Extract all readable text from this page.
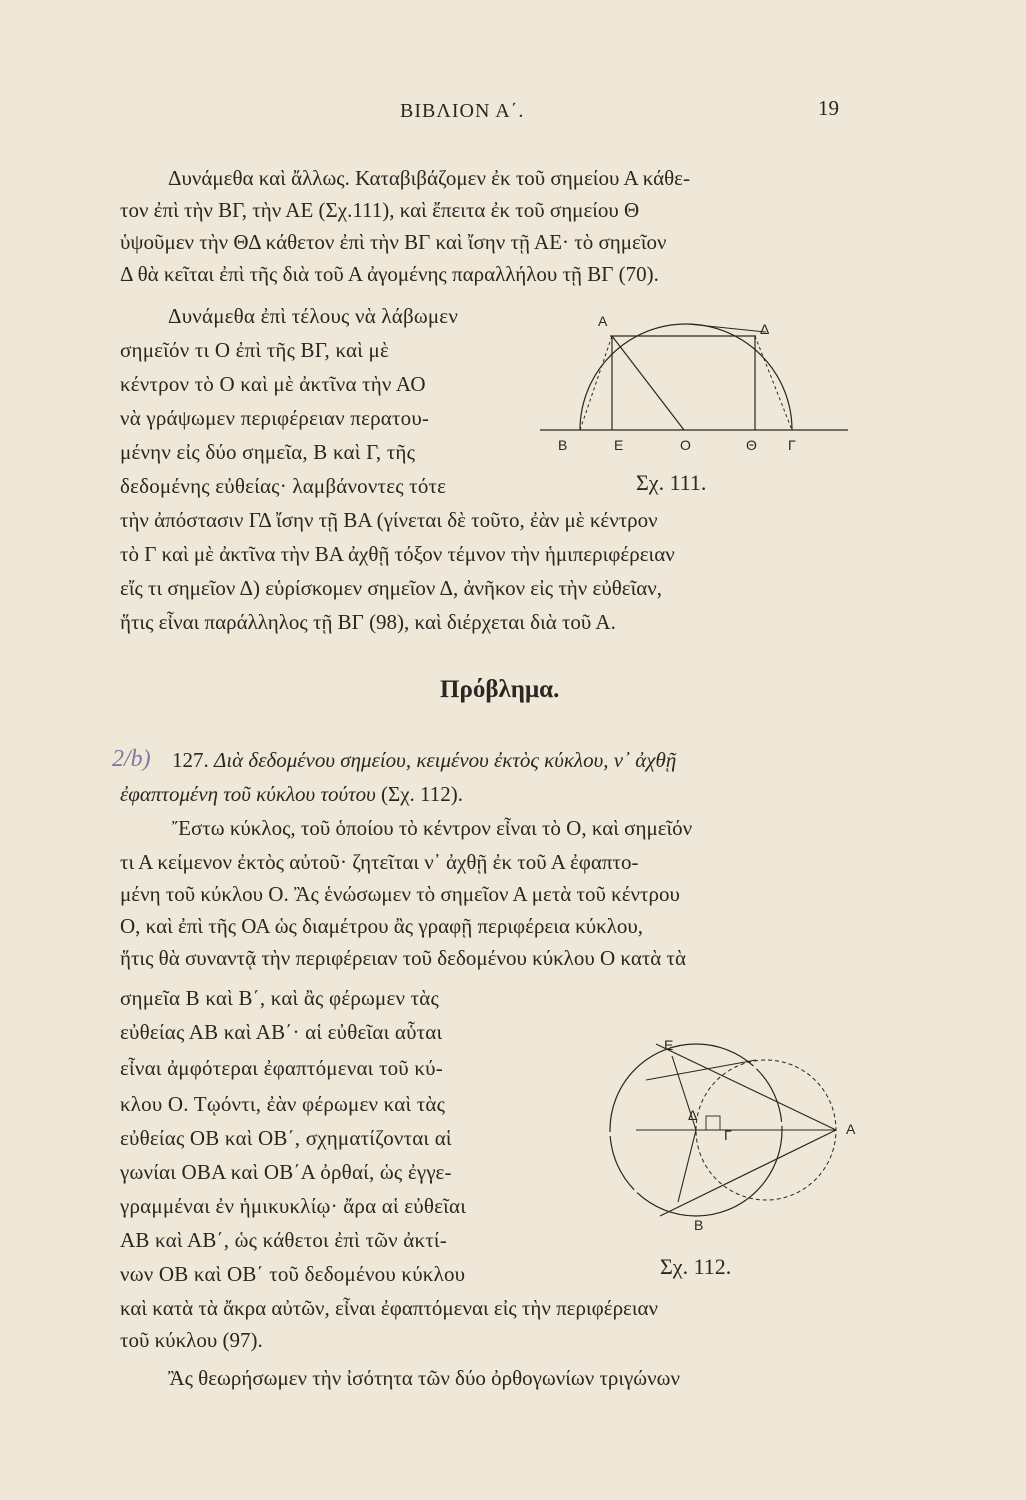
ΒΙΒΛΙΟΝ Α΄.	19
Δυνάμεθα καὶ ἄλλως. Καταβιβάζομεν ἐκ τοῦ σημείου Α κάθε-
τον ἐπὶ τὴν ΒΓ, τὴν ΑΕ (Σχ.111), καὶ ἔπειτα ἐκ τοῦ σημείου Θ
ὑψοῦμεν τὴν ΘΔ κάθετον ἐπὶ τὴν ΒΓ καὶ ἴσην τῇ ΑΕ· τὸ σημεῖον
Δ θὰ κεῖται ἐπὶ τῆς διὰ τοῦ Α ἀγομένης παραλλήλου τῇ ΒΓ (70).
Δυνάμεθα ἐπὶ τέλους νὰ λάβωμεν
σημεῖόν τι Ο ἐπὶ τῆς ΒΓ, καὶ μὲ
κέντρον τὸ Ο καὶ μὲ ἀκτῖνα τὴν ΑΟ
νὰ γράψωμεν περιφέρειαν περατου-
μένην εἰς δύο σημεῖα, Β καὶ Γ, τῆς
δεδομένης εὐθείας· λαμβάνοντες τότε
τὴν ἀπόστασιν ΓΔ ἴσην τῇ ΒΑ (γίνεται δὲ τοῦτο, ἐὰν μὲ κέντρον
τὸ Γ καὶ μὲ ἀκτῖνα τὴν ΒΑ ἀχθῇ τόξον τέμνον τὴν ἡμιπεριφέρειαν
εἴς τι σημεῖον Δ) εὑρίσκομεν σημεῖον Δ, ἀνῆκον εἰς τὴν εὐθεῖαν,
ἥτις εἶναι παράλληλος τῇ ΒΓ (98), καὶ διέρχεται διὰ τοῦ Α.
Α	Δ
Β	Ε	Ο	Θ Γ
Σχ. 111.
Πρόβλημα.
2/b) 127. Διὰ δεδομένου σημείου, κειμένου ἐκτὸς κύκλου, ν᾽ ἀχθῇ
ἐφαπτομένη τοῦ κύκλου τούτου (Σχ. 112).
Ἔστω κύκλος, τοῦ ὁποίου τὸ κέντρον εἶναι τὸ Ο, καὶ σημεῖόν
τι Α κείμενον ἐκτὸς αὐτοῦ· ζητεῖται ν᾽ ἀχθῇ ἐκ τοῦ Α ἐφαπτο-
μένη τοῦ κύκλου Ο. Ἂς ἑνώσωμεν τὸ σημεῖον Α μετὰ τοῦ κέντρου
Ο, καὶ ἐπὶ τῆς ΟΑ ὡς διαμέτρου ἂς γραφῇ περιφέρεια κύκλου,
ἥτις θὰ συναντᾷ τὴν περιφέρειαν τοῦ δεδομένου κύκλου Ο κατὰ τὰ
σημεῖα Β καὶ Β΄, καὶ ἂς φέρωμεν τὰς
εὐθείας ΑΒ καὶ ΑΒ΄· αἱ εὐθεῖαι αὗται
εἶναι ἀμφότεραι ἐφαπτόμεναι τοῦ κύ-
κλου Ο. Τῳόντι, ἐὰν φέρωμεν καὶ τὰς
εὐθείας ΟΒ καὶ ΟΒ΄, σχηματίζονται αἱ
γωνίαι ΟΒΑ καὶ ΟΒ΄Α ὀρθαί, ὡς ἐγγε-
γραμμέναι ἐν ἡμικυκλίῳ· ἄρα αἱ εὐθεῖαι
ΑΒ καὶ ΑΒ΄, ὡς κάθετοι ἐπὶ τῶν ἀκτί-
νων ΟΒ καὶ ΟΒ΄ τοῦ δεδομένου κύκλου
καὶ κατὰ τὰ ἄκρα αὐτῶν, εἶναι ἐφαπτόμεναι εἰς τὴν περιφέρειαν
τοῦ κύκλου (97).
Ἂς θεωρήσωμεν τὴν ἰσότητα τῶν δύο ὀρθογωνίων τριγώνων
Ε
Δ
Γ	Α
Β
Σχ. 112.
